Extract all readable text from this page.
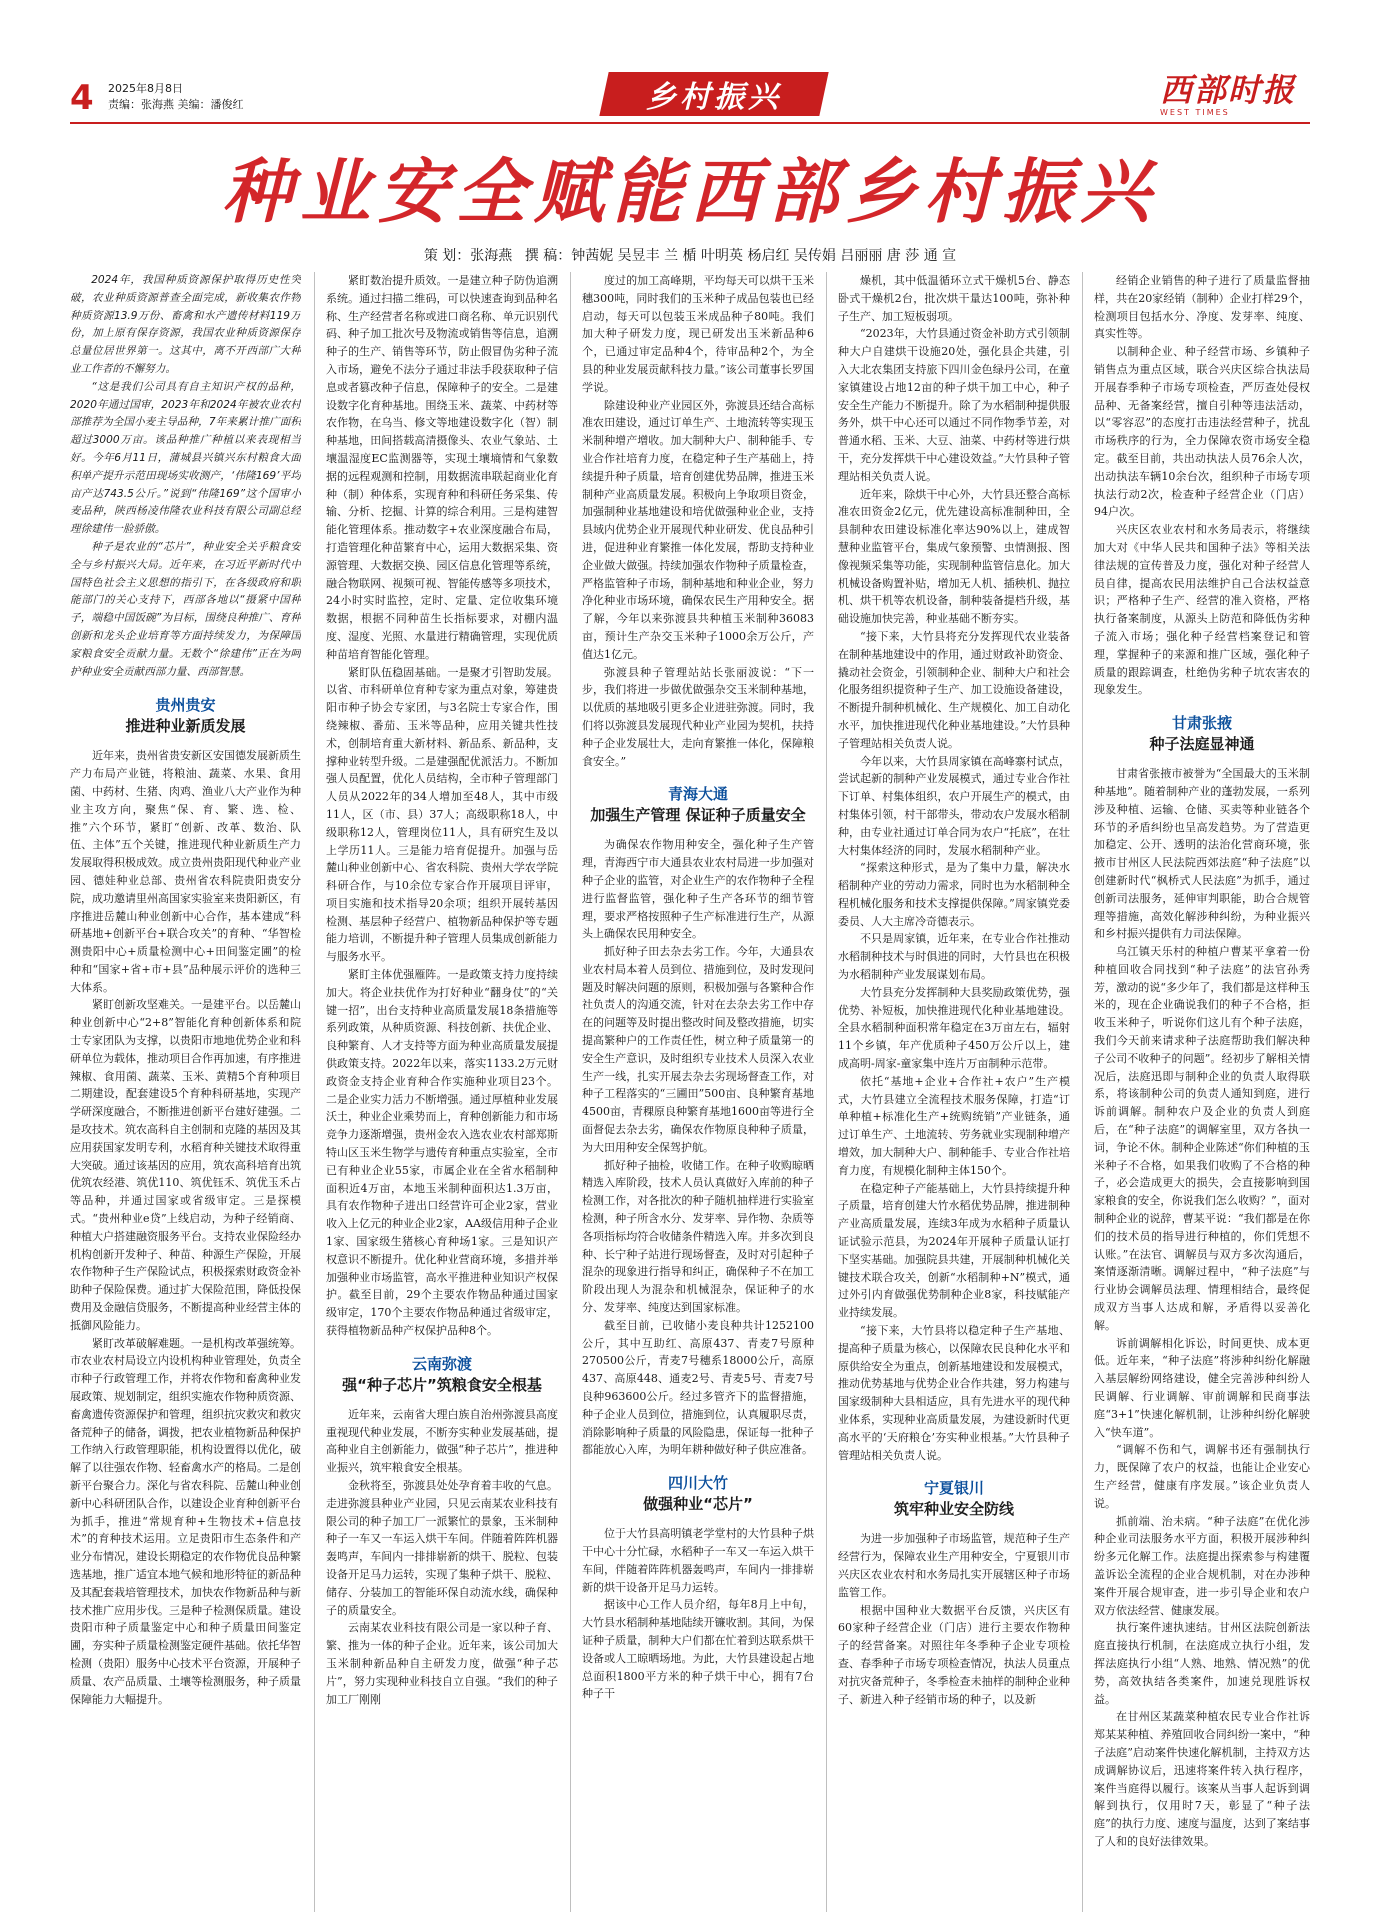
4	2025年8月8日
责编：张海燕 美编：潘俊红	乡村振兴	西部时报
WEST TIMES
种业安全赋能西部乡村振兴
策 划：张海燕 撰 稿：钟茜妮 吴昱丰 兰 楯 叶明英 杨启红 吴传娟 吕丽丽 唐 莎 通 宣

2024年，我国种质资源保护取得历史性突破，农业种质资源普查全面完成，新收集农作物种质资源13.9万份、畜禽和水产遗传材料119万份，加上原有保存资源，我国农业种质资源保存总量位居世界第一。这其中，离不开西部广大种业工作者的不懈努力。

“这是我们公司具有自主知识产权的品种，2020年通过国审，2023年和2024年被农业农村部推荐为全国小麦主导品种，7年来累计推广面积超过3000万亩。该品种推广种植以来表现相当好。今年6月11日，蒲城县兴镇兴东村粮食大面积单产提升示范田现场实收测产，‘伟隆169’平均亩产达743.5公斤。”说到“伟隆169”这个国审小麦品种，陕西杨凌伟隆农业科技有限公司副总经理徐建伟一脸骄傲。

种子是农业的“芯片”，种业安全关乎粮食安全与乡村振兴大局。近年来，在习近平新时代中国特色社会主义思想的指引下，在各级政府和职能部门的关心支持下，西部各地以“摄紧中国种子，端稳中国饭碗”为目标，围绕良种推广、育种创新和龙头企业培育等方面持续发力，为保障国家粮食安全贡献力量。无数个“徐建伟”正在为呵护种业安全贡献西部力量、西部智慧。

贵州贵安
推进种业新质发展

近年来，贵州省贵安新区安国德发展新质生产力布局产业链，将粮油、蔬菜、水果、食用菌、中药材、生猪、肉鸡、渔业八大产业作为种业主攻方向，聚焦“保、育、繁、选、检、推”六个环节，紧盯“创新、改革、数治、队伍、主体”五个关键，推进现代种业新质生产力发展取得积极成效。成立贵州贵阳现代种业产业园、德娃种业总部、贵州省农科院贵阳贵安分院，成功邀请里州高国家实验室来贵阳新区，有序推进岳麓山种业创新中心合作，基本建成“科研基地+创新平台+联合攻关”的育种、“华智检测贵阳中心+质量检测中心+田间鉴定圃”的检种和“国家+省+市+县”品种展示评价的选种三大体系。

紧盯创新攻坚难关。一是建平台。以岳麓山种业创新中心“2+8”智能化育种创新体系和院士专家团队为支撑，以贵阳市地地优势企业和科研单位为载体，推动项目合作再加速，有序推进辣椒、食用菌、蔬菜、玉米、黄精5个育种项目二期建设，配套建设5个育种科研基地，实现产学研深度融合，不断推进创新平台建好建强。二是攻技术。筑农高科自主创制和克隆的基因及其应用获国家发明专利，水稻育种关键技术取得重大突破。通过该基因的应用，筑农高科培育出筑优筑农经港、筑优110、筑优钰禾、筑优玉禾占等品种，并通过国家或省级审定。三是探模式。“贵州种业e贷”上线启动，为种子经销商、种植大户搭建融资服务平台。支持农业保险经办机构创新开发种子、种苗、种源生产保险，开展农作物种子生产保险试点，积极探索财政资金补助种子保险保费。通过扩大保险范围，降低投保费用及金融信贷服务，不断提高种业经营主体的抵御风险能力。

紧盯改革破解难题。一是机构改革强统筹。市农业农村局设立内设机构种业管理处，负责全市种子行政管理工作，并将农作物和畜禽种业发展政策、规划制定，组织实施农作物种质资源、畜禽遗传资源保护和管理，组织抗灾救灾和救灾备荒种子的储备，调拨，把农业植物新品种保护工作纳入行政管理职能，机构设置得以优化，破解了以往强农作物、轻畜禽水产的格局。二是创新平台聚合力。深化与省农科院、岳麓山种业创新中心科研团队合作，以建设企业育种创新平台为抓手，推进“常规育种+生物技术+信息技术”的育种技术运用。立足贵阳市生态条件和产业分布情况，建设长期稳定的农作物优良品种繁选基地，推广适宜本地气候和地形特征的新品种及其配套栽培管理技术，加快农作物新品种与新技术推广应用步伐。三是种子检测保质量。建设贵阳市种子质量鉴定中心和种子质量田间鉴定圃，夯实种子质量检测鉴定硬件基础。依托华智检测（贵阳）服务中心技术平台资源，开展种子质量、农产品质量、土壤等检测服务，种子质量保障能力大幅提升。

紧盯数治提升质效。一是建立种子防伪追溯系统。通过扫描二维码，可以快速查询到品种名称、生产经营者名称或进口商名称、单元识别代码、种子加工批次号及物流或销售等信息，追溯种子的生产、销售等环节，防止假冒伪劣种子流入市场，避免不法分子通过非法手段获取种子信息或者篡改种子信息，保障种子的安全。二是建设数字化育种基地。围绕玉米、蔬菜、中药材等农作物，在乌当、修文等地建设数字化（智）制种基地，田间搭载高清摄像头、农业气象站、土壤温湿度EC监测器等，实现土壤墒情和气象数据的远程观测和控制，用数据流串联起商业化育种（制）种体系，实现育种和科研任务采集、传输、分析、挖掘、计算的综合利用。三是构建智能化管理体系。推动数字+农业深度融合布局，打造管理化种苗繁育中心，运用大数据采集、资源管理、大数据交换、园区信息化管理等系统，融合物联网、视频可视、智能传感等多项技术，24小时实时监控，定时、定量、定位收集环境数据，根据不同种苗生长指标要求，对棚内温度、湿度、光照、水量进行精确管理，实现优质种苗培育智能化管理。

紧盯队伍稳固基础。一是聚才引智助发展。以省、市科研单位育种专家为重点对象，筹建贵阳市种子协会专家团，与3名院士专家合作，围绕辣椒、番茄、玉米等品种，应用关键共性技术，创制培育重大新材料、新品系、新品种，支撑种业转型升级。二是建强配优派活力。不断加强人员配置，优化人员结构，全市种子管理部门人员从2022年的34人增加至48人，其中市级11人，区（市、县）37人；高级职称18人，中级职称12人，管理岗位11人，具有研究生及以上学历11人。三是能力培育促提升。加强与岳麓山种业创新中心、省农科院、贵州大学农学院科研合作，与10余位专家合作开展项目评审，项目实施和技术指导20余项；组织开展转基因检测、基层种子经营户、植物新品种保护等专题能力培训，不断提升种子管理人员集成创新能力与服务水平。

紧盯主体优强雁阵。一是政策支持力度持续加大。将企业扶优作为打好种业“翻身仗”的“关键一招”，出台支持种业高质量发展18条措施等系列政策，从种质资源、科技创新、扶优企业、良种繁育、人才支持等方面为种业高质量发展提供政策支持。2022年以来，落实1133.2万元财政资金支持企业育种合作实施种业项目23个。二是企业实力活力不断增强。通过厚植种业发展沃土，种业企业乘势而上，育种创新能力和市场竞争力逐渐增强，贵州金农入选农业农村部郑斯特山区玉米生物学与遗传育种重点实验室，全市已有种业企业55家，市属企业在全省水稻制种面积近4万亩，本地玉米制种面积达1.3万亩，具有农作物种子进出口经营许可企业2家，营业收入上亿元的种业企业2家，AA级信用种子企业1家、国家级生猪核心育种场1家。三是知识产权意识不断提升。优化种业营商环境，多措并举加强种业市场监管，高水平推进种业知识产权保护。截至目前，29个主要农作物品种通过国家级审定，170个主要农作物品种通过省级审定，获得植物新品种产权保护品种8个。

云南弥渡
强“种子芯片”筑粮食安全根基

近年来，云南省大理白族自治州弥渡县高度重视现代种业发展，不断夯实种业发展基础，提高种业自主创新能力，做强“种子芯片”，推进种业振兴，筑牢粮食安全根基。

金秋将至，弥渡县处处孕育着丰收的气息。走进弥渡县种业产业园，只见云南某农业科技有限公司的种子加工厂一派繁忙的景象，玉米制种种子一车又一车运入烘干车间。伴随着阵阵机器轰鸣声，车间内一排排崭新的烘干、脱粒、包装设备开足马力运转，实现了集种子烘干、脱粒、储存、分装加工的智能环保自动流水线，确保种子的质量安全。

云南某农业科技有限公司是一家以种子育、繁、推为一体的种子企业。近年来，该公司加大玉米制种新品种自主研发力度，做强“种子芯片”，努力实现种业科技自立自强。“我们的种子加工厂刚刚

度过的加工高峰期，平均每天可以烘干玉米穗300吨，同时我们的玉米种子成品包装也已经启动，每天可以包装玉米成品种子80吨。我们加大种子研发力度，现已研发出玉米新品种6个，已通过审定品种4个，待审品种2个，为全县的种业发展贡献科技力量。”该公司董事长罗国学说。

除建设种业产业园区外，弥渡县还结合高标准农田建设，通过订单生产、土地流转等实现玉米制种增产增收。加大制种大户、制种能手、专业合作社培育力度，在稳定种子生产基础上，持续提升种子质量，培育创建优势品牌，推进玉米制种产业高质量发展。积极向上争取项目资金，加强制种业基地建设和培优做强种业企业，支持县域内优势企业开展现代种业研发、优良品种引进，促进种业育繁推一体化发展，帮助支持种业企业做大做强。持续加强农作物种子质量检查，严格监管种子市场，制种基地和种业企业，努力净化种业市场环境，确保农民生产用种安全。据了解，今年以来弥渡县共种植玉米制种36083亩，预计生产杂交玉米种子1000余万公斤，产值达1亿元。

弥渡县种子管理站站长张丽波说：“下一步，我们将进一步做优做强杂交玉米制种基地，以优质的基地吸引更多企业进驻弥渡。同时，我们将以弥渡县发展现代种业产业园为契机，扶持种子企业发展壮大，走向育繁推一体化，保障粮食安全。”

青海大通
加强生产管理 保证种子质量安全

为确保农作物用种安全，强化种子生产管理，青海西宁市大通县农业农村局进一步加强对种子企业的监管，对企业生产的农作物种子全程进行监督监管，强化种子生产各环节的细节管理，要求严格按照种子生产标准进行生产，从源头上确保农民用种安全。

抓好种子田去杂去劣工作。今年，大通县农业农村局本着人员到位、措施到位，及时发现问题及时解决问题的原则，积极加强与各繁种合作社负责人的沟通交流，针对在去杂去劣工作中存在的问题等及时提出整改时间及整改措施，切实提高繁种户的工作责任性，树立种子质量第一的安全生产意识，及时组织专业技术人员深入农业生产一线，扎实开展去杂去劣现场督查工作，对种子工程落实的“三圃田”500亩、良种繁育基地4500亩，青稞原良种繁育基地1600亩等进行全面督促去杂去劣，确保农作物原良种种子质量，为大田用种安全保驾护航。

抓好种子抽检，收储工作。在种子收购晾晒精选入库阶段，技术人员认真做好入库前的种子检测工作，对各批次的种子随机抽样进行实验室检测，种子所含水分、发芽率、异作物、杂质等各项指标均符合收储条件精选入库。并多次到良种、长宁种子站进行现场督查，及时对引起种子混杂的现象进行指导和纠正，确保种子不在加工阶段出现人为混杂和机械混杂，保证种子的水分、发芽率、纯度达到国家标准。

截至目前，已收储小麦良种共计1252100公斤，其中互助红、高原437、青麦7号原种270500公斤，青麦7号穗系18000公斤，高原437、高原448、通麦2号、青麦5号、青麦7号良种963600公斤。经过多管齐下的监督措施，种子企业人员到位，措施到位，认真履职尽责，消除影响种子质量的风险隐患，保证每一批种子都能放心入库，为明年耕种做好种子供应准备。

四川大竹
做强种业“芯片”

位于大竹县高明镇老学堂村的大竹县种子烘干中心十分忙碌，水稻种子一车又一车运入烘干车间，伴随着阵阵机器轰鸣声，车间内一排排崭新的烘干设备开足马力运转。

据该中心工作人员介绍，每年8月上中旬，大竹县水稻制种基地陆续开镰收割。其间，为保证种子质量，制种大户们都在忙着到达联系烘干设备或人工晾晒场地。为此，大竹县建设起占地总面积1800平方米的种子烘干中心，拥有7台种子干

燥机，其中低温循环立式干燥机5台、静态卧式干燥机2台，批次烘干量达100吨，弥补种子生产、加工短板弱项。

“2023年，大竹县通过资金补助方式引领制种大户自建烘干设施20处，强化县企共建，引入大北农集团支持旅下四川金色绿丹公司，在童家镇建设占地12亩的种子烘干加工中心，种子安全生产能力不断提升。除了为水稻制种提供服务外，烘干中心还可以通过不同作物季节差，对普通水稻、玉米、大豆、油菜、中药材等进行烘干，充分发挥烘干中心建设效益。”大竹县种子管理站相关负责人说。

近年来，除烘干中心外，大竹县还整合高标准农田资金2亿元，优先建设高标准制种田，全县制种农田建设标准化率达90%以上，建成智慧种业监管平台，集成气象预警、虫情测报、图像视频采集等功能，实现制种监管信息化。加大机械设备购置补贴，增加无人机、插秧机、抛拉机、烘干机等农机设备，制种装备提档升级，基础设施加快完善，种业基础不断夯实。

“接下来，大竹县将充分发挥现代农业装备在制种基地建设中的作用，通过财政补助资金、撬动社会资金，引领制种企业、制种大户和社会化服务组织提资种子生产、加工设施设备建设，不断提升制种机械化、生产规模化、加工自动化水平，加快推进现代化种业基地建设。”大竹县种子管理站相关负责人说。

今年以来，大竹县周家镇在高峰寨村试点，尝试起新的制种产业发展模式，通过专业合作社下订单、村集体组织，农户开展生产的模式，由村集体引领，村干部带头，带动农户发展水稻制种，由专业社通过订单合同为农户“托底”，在壮大村集体经济的同时，发展水稻制种产业。

“探索这种形式，是为了集中力量，解决水稻制种产业的劳动力需求，同时也为水稻制种全程机械化服务和技术支撑提供保障。”周家镇党委委员、人大主席冷奇德表示。

不只是周家镇，近年来，在专业合作社推动水稻制种技术与时俱进的同时，大竹县也在积极为水稻制种产业发展谋划布局。

大竹县充分发挥制种大县奖励政策优势，强优势、补短板，加快推进现代化种业基地建设。全县水稻制种面积常年稳定在3万亩左右，辐射11个乡镇，年产优质种子450万公斤以上，建成高明-周家-童家集中连片万亩制种示范带。

依托“基地+企业+合作社+农户”生产模式，大竹县建立全流程技术服务保障，打造“订单种植+标准化生产+统购统销”产业链条，通过订单生产、土地流转、劳务就业实现制种增产增效，加大制种大户、制种能手、专业合作社培育力度，有规模化制种主体150个。

在稳定种子产能基础上，大竹县持续提升种子质量，培育创建大竹水稻优势品牌，推进制种产业高质量发展，连续3年成为水稻种子质量认证试验示范县，为2024年开展种子质量认证打下坚实基础。加强院县共建，开展制种机械化关键技术联合攻关，创新“水稻制种+N”模式，通过外引内育做强优势制种企业8家，科技赋能产业持续发展。

“接下来，大竹县将以稳定种子生产基地、提高种子质量为核心，以保障农民良种化水平和原供给安全为重点，创新基地建设和发展模式，推动优势基地与优势企业合作共建，努力构建与国家级制种大县相适应，具有先进水平的现代种业体系，实现种业高质量发展，为建设新时代更高水平的‘天府粮仓’夯实种业根基。”大竹县种子管理站相关负责人说。

宁夏银川
筑牢种业安全防线

为进一步加强种子市场监管，规范种子生产经营行为，保障农业生产用种安全，宁夏银川市兴庆区农业农村和水务局扎实开展辖区种子市场监管工作。

根据中国种业大数据平台反馈，兴庆区有60家种子经营企业（门店）进行主要农作物种子的经营备案。对照往年冬季种子企业专项检查、春季种子市场专项检查情况，执法人员重点对抗灾备荒种子，冬季检查未抽样的制种企业种子、新进入种子经销市场的种子，以及新

经销企业销售的种子进行了质量监督抽样，共在20家经销（制种）企业打样29个，检测项目包括水分、净度、发芽率、纯度、真实性等。

以制种企业、种子经营市场、乡镇种子销售点为重点区域，联合兴庆区综合执法局开展春季种子市场专项检查，严厉查处侵权品种、无备案经营，擅自引种等违法活动，以“零容忍”的态度打击违法经营种子，扰乱市场秩序的行为，全力保障农资市场安全稳定。截至目前，共出动执法人员76余人次，出动执法车辆10余台次，组织种子市场专项执法行动2次，检查种子经营企业（门店）94户次。

兴庆区农业农村和水务局表示，将继续加大对《中华人民共和国种子法》等相关法律法规的宣传普及力度，强化对种子经营人员自律，提高农民用法维护自己合法权益意识；严格种子生产、经营的准入资格，严格执行备案制度，从源头上防范和降低伪劣种子流入市场；强化种子经营档案登记和管理，掌握种子的来源和推广区域，强化种子质量的跟踪调查，杜绝伪劣种子坑农害农的现象发生。

甘肃张掖
种子法庭显神通

甘肃省张掖市被誉为“全国最大的玉米制种基地”。随着制种产业的蓬勃发展，一系列涉及种植、运输、仓储、买卖等种业链各个环节的矛盾纠纷也呈高发趋势。为了营造更加稳定、公开、透明的法治化营商环境，张掖市甘州区人民法院西郊法庭“种子法庭”以创建新时代“枫桥式人民法庭”为抓手，通过创新司法服务，延伸审判职能，助合合规管理等措施，高效化解涉种纠纷，为种业振兴和乡村振兴提供有力司法保障。

乌江镇天乐村的种植户曹某平拿着一份种植回收合同找到“种子法庭”的法官孙秀芳，激动的说“多少年了，我们都是这样种玉米的，现在企业确说我们的种子不合格，拒收玉米种子，听说你们这儿有个种子法庭，我们今天前来请求种子法庭帮助我们解决种子公司不收种子的问题”。经初步了解相关情况后，法庭迅即与制种企业的负责人取得联系，将该制种公司的负责人通知到庭，进行诉前调解。制种农户及企业的负责人到庭后，在“种子法庭”的调解室里，双方各执一词，争论不休。制种企业陈述“你们种植的玉米种子不合格，如果我们收购了不合格的种子，必会造成更大的损失，会直接影响到国家粮食的安全，你说我们怎么收购？”，面对制种企业的说辞，曹某平说：“我们都是在你们的技术员的指导进行种植的，你们凭想不认账。”在法官、调解员与双方多次沟通后，案情逐渐清晰。调解过程中，“种子法庭”与行业协会调解员法理、情理相结合，最终促成双方当事人达成和解，矛盾得以妥善化解。

诉前调解相化诉讼，时间更快、成本更低。近年来，“种子法庭”将涉种纠纷化解融入基层解纷网络建设，健全完善涉种纠纷人民调解、行业调解、审前调解和民商事法庭“3+1”快速化解机制，让涉种纠纷化解驶入“快车道”。

“调解不伤和气，调解书还有强制执行力，既保障了农户的权益，也能让企业安心生产经营，健康有序发展。”该企业负责人说。

抓前端、治未病。“种子法庭”在优化涉种企业司法服务水平方面，积极开展涉种纠纷多元化解工作。法庭提出探索参与构建覆盖诉讼全流程的企业合规机制，对在办涉种案件开展合规审查，进一步引导企业和农户双方依法经营、健康发展。

执行案件速执速结。甘州区法院创新法庭直接执行机制，在法庭成立执行小组，发挥法庭执行小组“人熟、地熟、情况熟”的优势，高效执结各类案件，加速兑现胜诉权益。

在甘州区某蔬菜种植农民专业合作社诉郑某某种植、养殖回收合同纠纷一案中，“种子法庭”启动案件快速化解机制，主持双方达成调解协议后，迅速将案件转入执行程序，案件当庭得以履行。该案从当事人起诉到调解到执行，仅用时7天，彰显了“种子法庭”的执行力度、速度与温度，达到了案结事了人和的良好法律效果。
